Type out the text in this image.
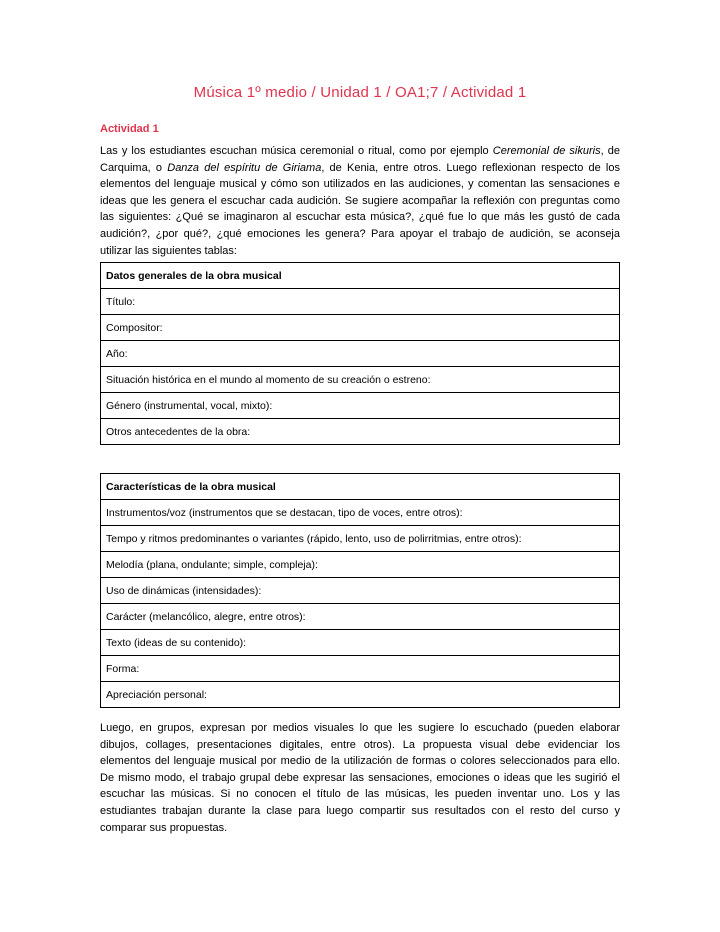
Música 1º medio / Unidad 1 / OA1;7 / Actividad 1
Actividad 1

Las y los estudiantes escuchan música ceremonial o ritual, como por ejemplo Ceremonial de sikuris, de Carquima, o Danza del espíritu de Giriama, de Kenia, entre otros. Luego reflexionan respecto de los elementos del lenguaje musical y cómo son utilizados en las audiciones, y comentan las sensaciones e ideas que les genera el escuchar cada audición. Se sugiere acompañar la reflexión con preguntas como las siguientes: ¿Qué se imaginaron al escuchar esta música?, ¿qué fue lo que más les gustó de cada audición?, ¿por qué?, ¿qué emociones les genera? Para apoyar el trabajo de audición, se aconseja utilizar las siguientes tablas:

Datos generales de la obra musical
Título:
Compositor:
Año:
Situación histórica en el mundo al momento de su creación o estreno:
Género (instrumental, vocal, mixto):
Otros antecedentes de la obra:
Características de la obra musical
Instrumentos/voz (instrumentos que se destacan, tipo de voces, entre otros):
Tempo y ritmos predominantes o variantes (rápido, lento, uso de polirritmias, entre otros):
Melodía (plana, ondulante; simple, compleja):
Uso de dinámicas (intensidades):
Carácter (melancólico, alegre, entre otros):
Texto (ideas de su contenido):
Forma:
Apreciación personal:

Luego, en grupos, expresan por medios visuales lo que les sugiere lo escuchado (pueden elaborar dibujos, collages, presentaciones digitales, entre otros). La propuesta visual debe evidenciar los elementos del lenguaje musical por medio de la utilización de formas o colores seleccionados para ello. De mismo modo, el trabajo grupal debe expresar las sensaciones, emociones o ideas que les sugirió el escuchar las músicas. Si no conocen el título de las músicas, les pueden inventar uno. Los y las estudiantes trabajan durante la clase para luego compartir sus resultados con el resto del curso y comparar sus propuestas.
